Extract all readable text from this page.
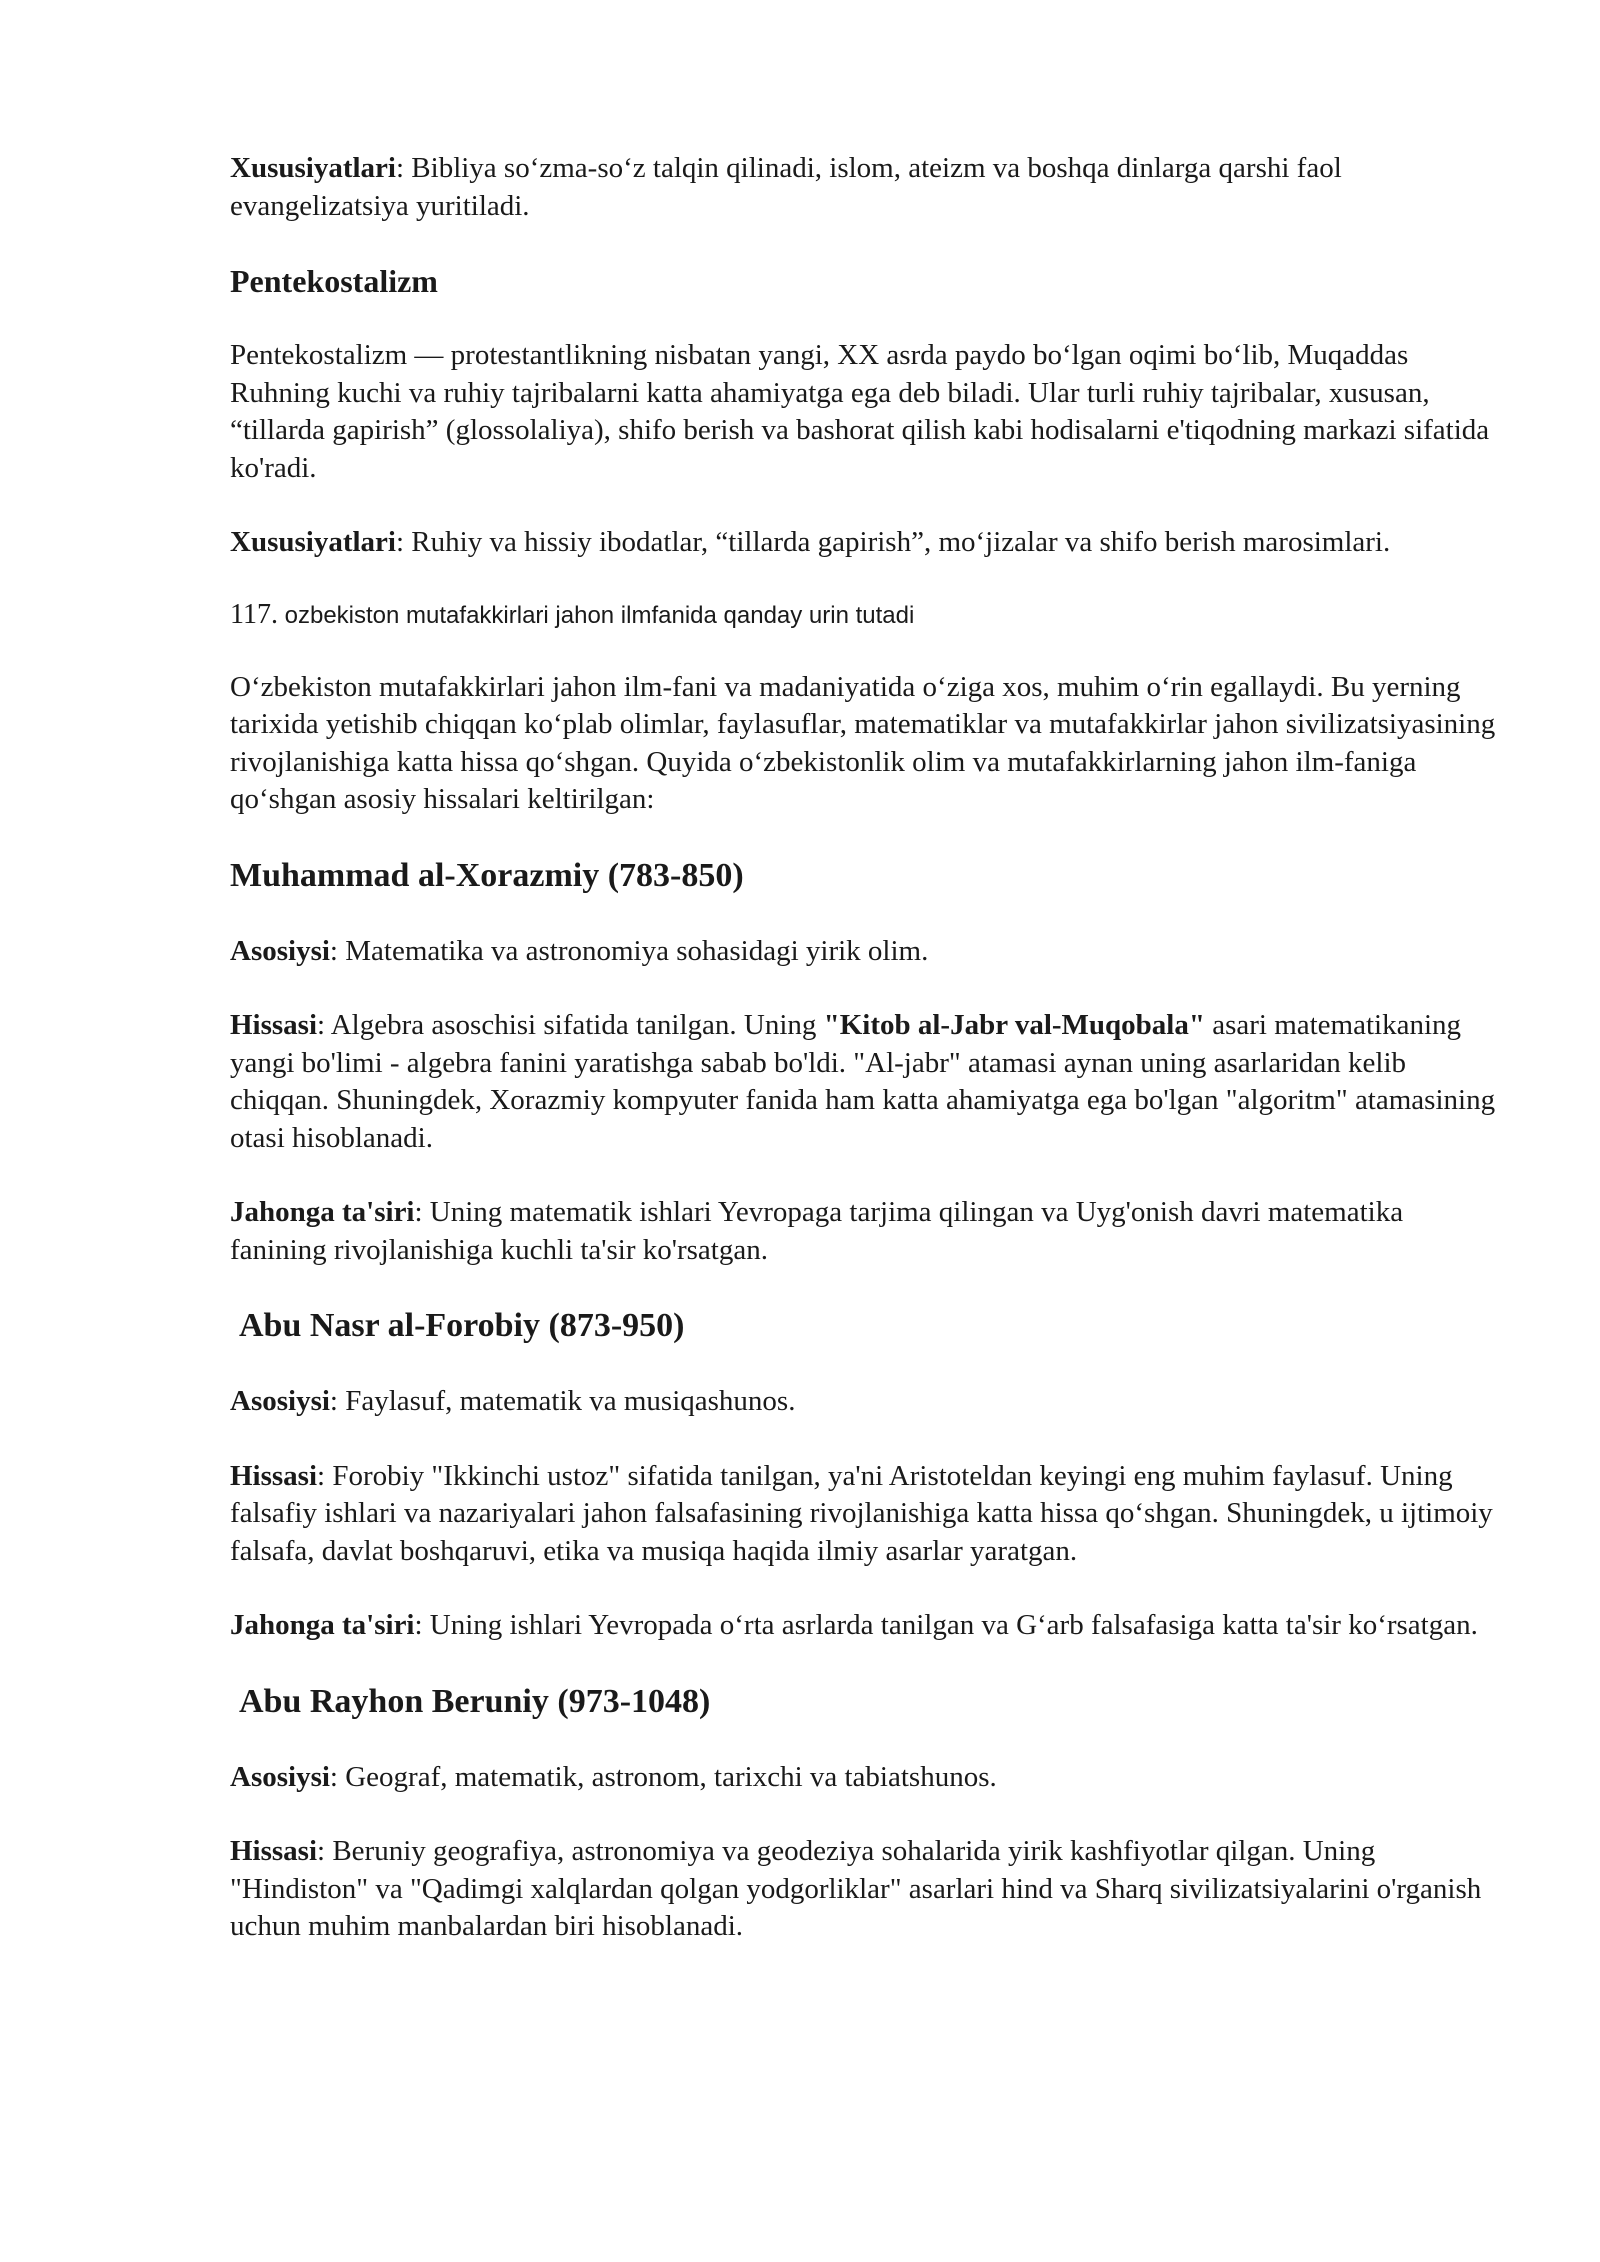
Xususiyatlari: Bibliya so‘zma-so‘z talqin qilinadi, islom, ateizm va boshqa dinlarga qarshi faol evangelizatsiya yuritiladi.

Pentekostalizm

Pentekostalizm — protestantlikning nisbatan yangi, XX asrda paydo bo‘lgan oqimi bo‘lib, Muqaddas Ruhning kuchi va ruhiy tajribalarni katta ahamiyatga ega deb biladi. Ular turli ruhiy tajribalar, xususan, “tillarda gapirish” (glossolaliya), shifo berish va bashorat qilish kabi hodisalarni e'tiqodning markazi sifatida ko'radi.

Xususiyatlari: Ruhiy va hissiy ibodatlar, “tillarda gapirish”, mo‘jizalar va shifo berish marosimlari.

117. ozbekiston mutafakkirlari jahon ilmfanida qanday urin tutadi

O‘zbekiston mutafakkirlari jahon ilm-fani va madaniyatida o‘ziga xos, muhim o‘rin egallaydi. Bu yerning tarixida yetishib chiqqan ko‘plab olimlar, faylasuflar, matematiklar va mutafakkirlar jahon sivilizatsiyasining rivojlanishiga katta hissa qo‘shgan. Quyida o‘zbekistonlik olim va mutafakkirlarning jahon ilm-faniga qo‘shgan asosiy hissalari keltirilgan:

Muhammad al-Xorazmiy (783-850)

Asosiysi: Matematika va astronomiya sohasidagi yirik olim.

Hissasi: Algebra asoschisi sifatida tanilgan. Uning "Kitob al-Jabr val-Muqobala" asari matematikaning yangi bo'limi - algebra fanini yaratishga sabab bo'ldi. "Al-jabr" atamasi aynan uning asarlaridan kelib chiqqan. Shuningdek, Xorazmiy kompyuter fanida ham katta ahamiyatga ega bo'lgan "algoritm" atamasining otasi hisoblanadi.

Jahonga ta'siri: Uning matematik ishlari Yevropaga tarjima qilingan va Uyg'onish davri matematika fanining rivojlanishiga kuchli ta'sir ko'rsatgan.

Abu Nasr al-Forobiy (873-950)

Asosiysi: Faylasuf, matematik va musiqashunos.

Hissasi: Forobiy "Ikkinchi ustoz" sifatida tanilgan, ya'ni Aristoteldan keyingi eng muhim faylasuf. Uning falsafiy ishlari va nazariyalari jahon falsafasining rivojlanishiga katta hissa qo‘shgan. Shuningdek, u ijtimoiy falsafa, davlat boshqaruvi, etika va musiqa haqida ilmiy asarlar yaratgan.

Jahonga ta'siri: Uning ishlari Yevropada o‘rta asrlarda tanilgan va G‘arb falsafasiga katta ta'sir ko‘rsatgan.

Abu Rayhon Beruniy (973-1048)

Asosiysi: Geograf, matematik, astronom, tarixchi va tabiatshunos.

Hissasi: Beruniy geografiya, astronomiya va geodeziya sohalarida yirik kashfiyotlar qilgan. Uning "Hindiston" va "Qadimgi xalqlardan qolgan yodgorliklar" asarlari hind va Sharq sivilizatsiyalarini o'rganish uchun muhim manbalardan biri hisoblanadi.
